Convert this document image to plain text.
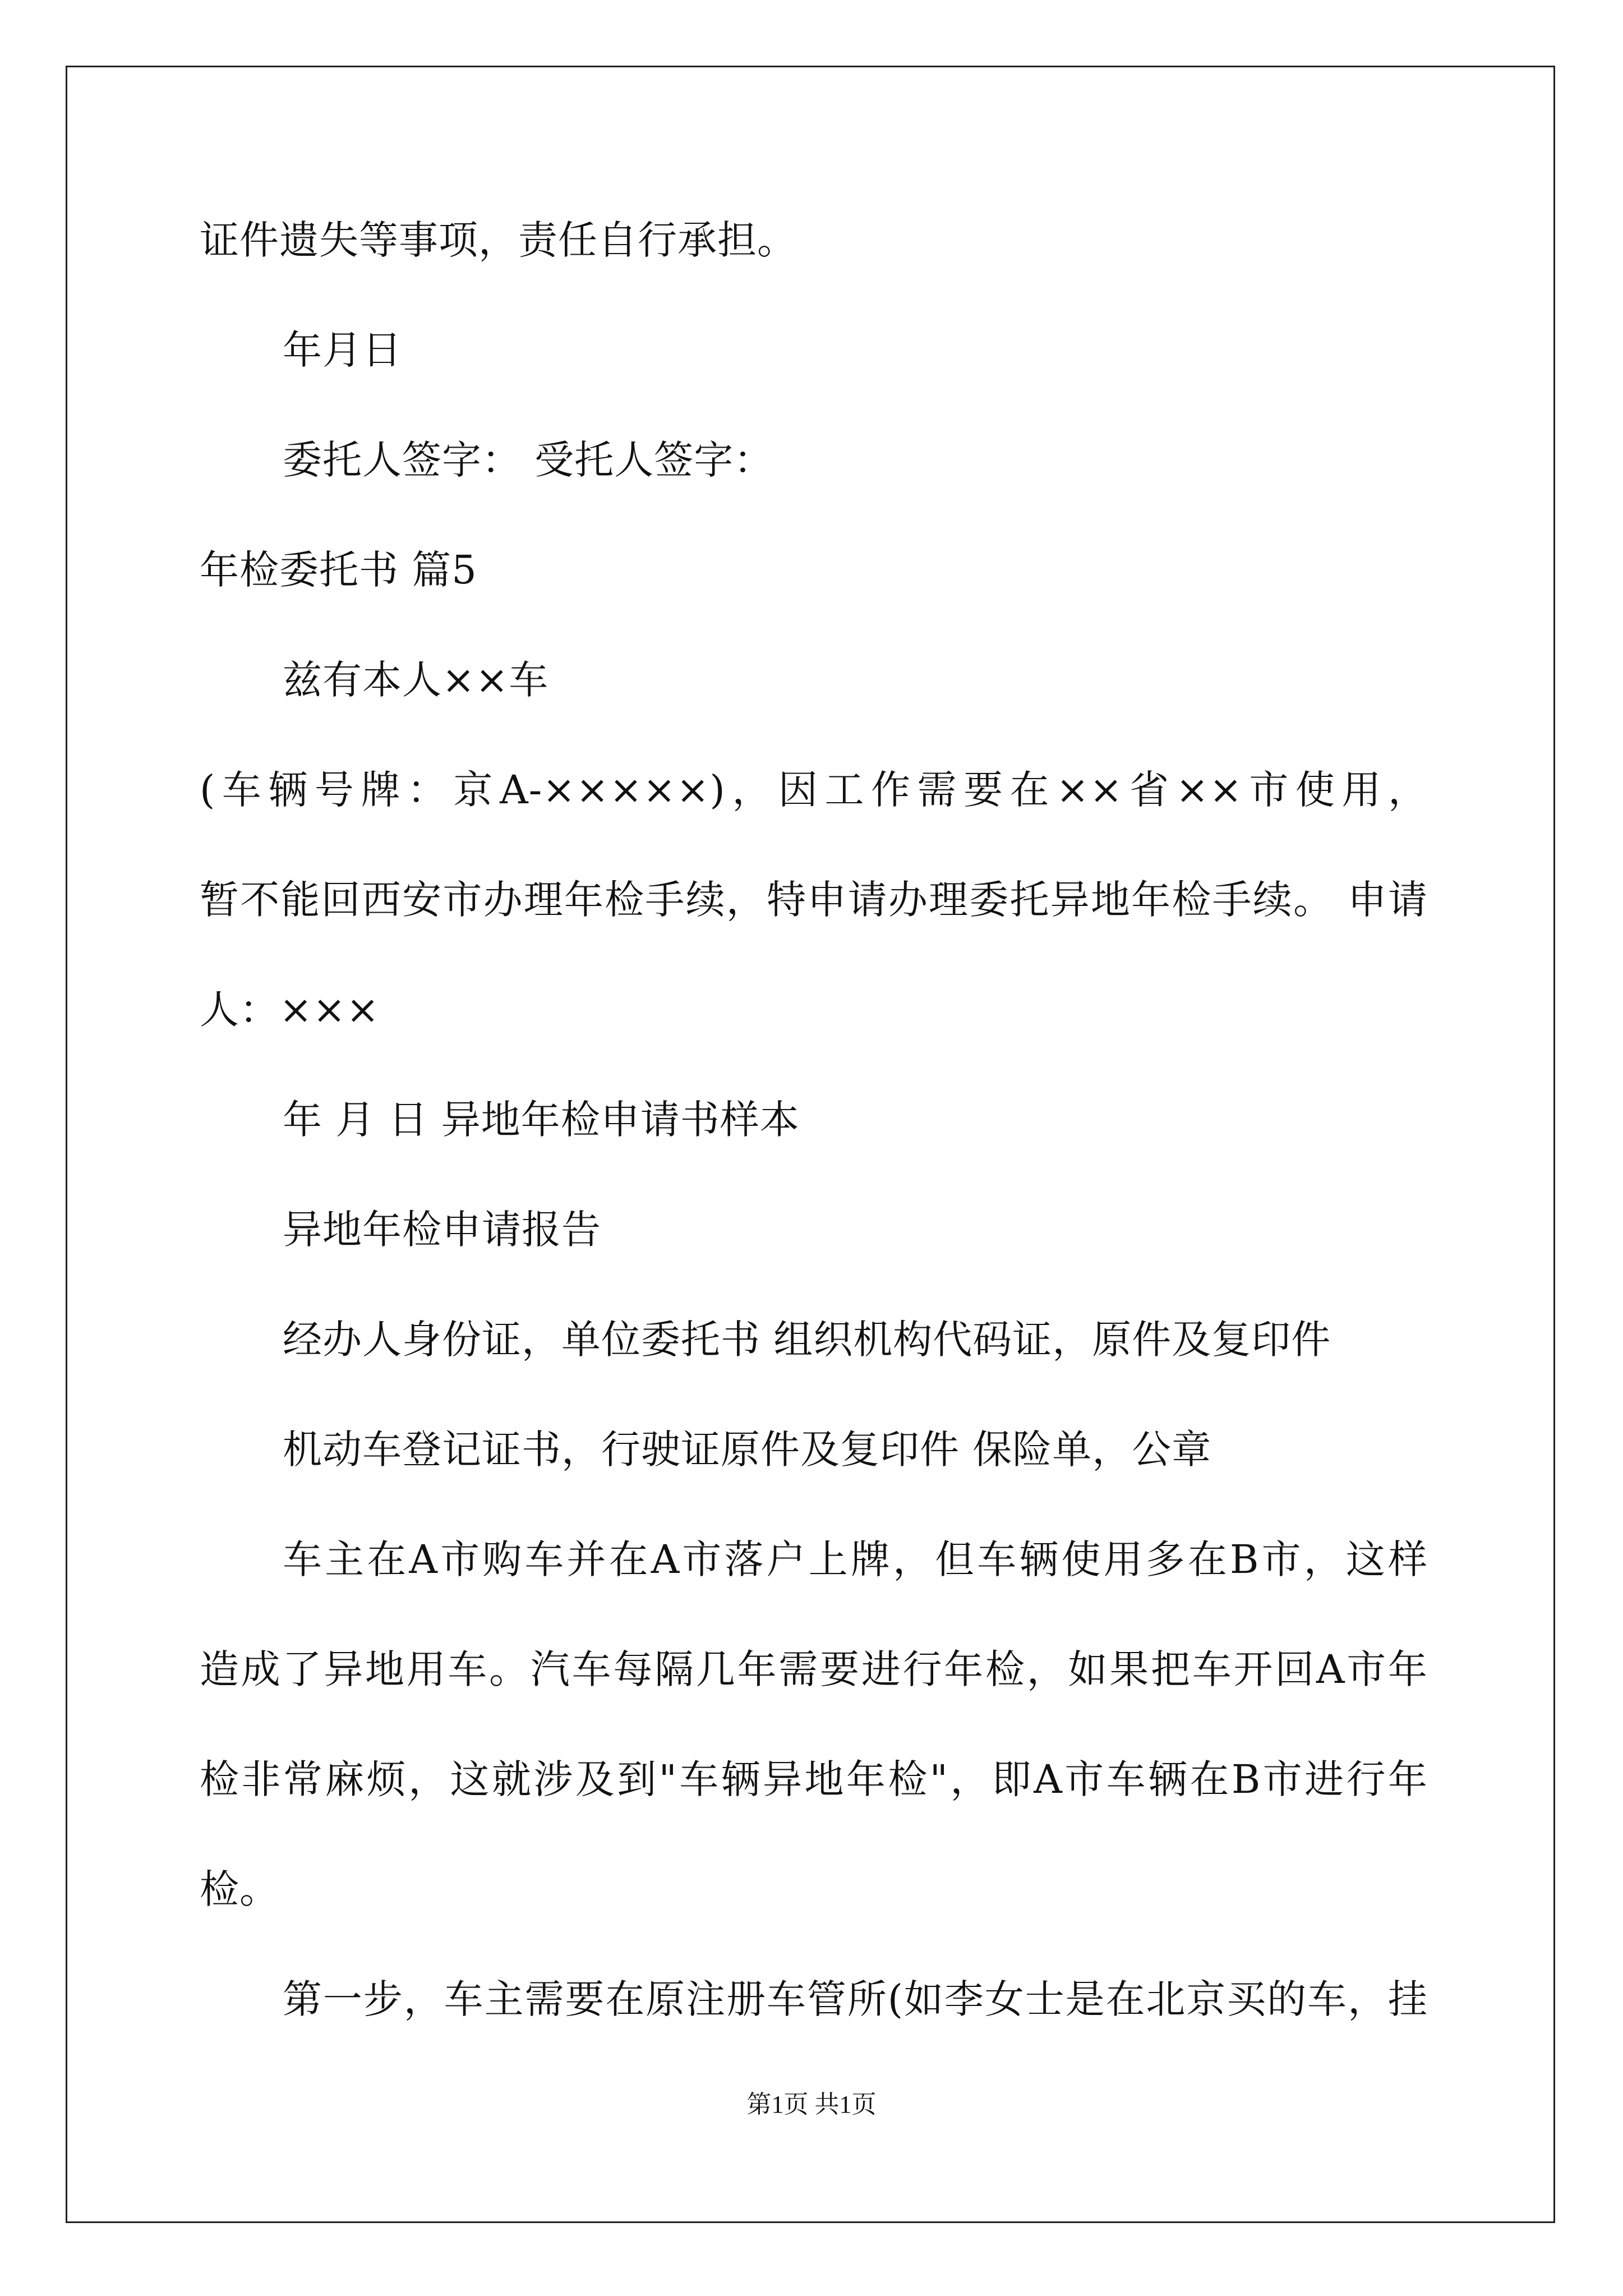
证件遗失等事项，责任自行承担。
年月日
委托人签字： 受托人签字：
年检委托书 篇5
兹有本人××车
(车辆号牌：京A-×××××)，因工作需要在××省××市使用，
暂不能回西安市办理年检手续，特申请办理委托异地年检手续。 申请
人：×××
年 月 日 异地年检申请书样本
异地年检申请报告
经办人身份证，单位委托书 组织机构代码证，原件及复印件
机动车登记证书，行驶证原件及复印件 保险单，公章
车主在A市购车并在A市落户上牌，但车辆使用多在B市，这样
造成了异地用车。汽车每隔几年需要进行年检，如果把车开回A市年
检非常麻烦，这就涉及到"车辆异地年检"，即A市车辆在B市进行年
检。
第一步，车主需要在原注册车管所(如李女士是在北京买的车，挂
第1页 共1页
